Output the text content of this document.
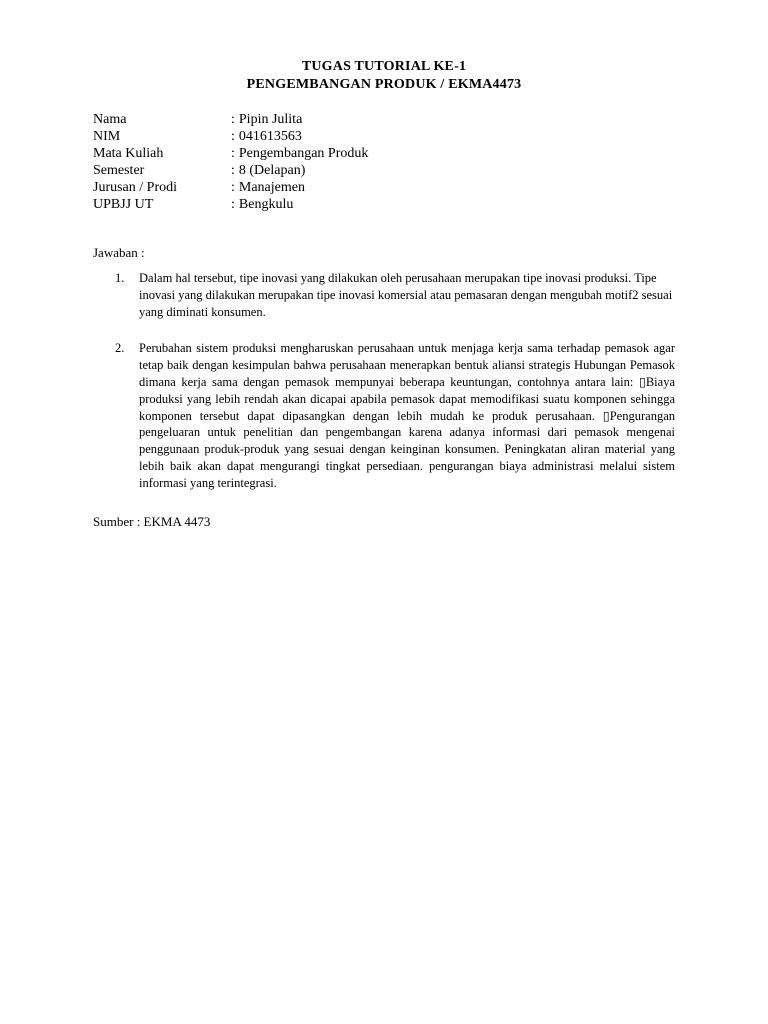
TUGAS TUTORIAL KE-1
PENGEMBANGAN PRODUK / EKMA4473
Nama	: Pipin Julita
NIM	: 041613563
Mata Kuliah	: Pengembangan Produk
Semester	: 8 (Delapan)
Jurusan / Prodi	: Manajemen
UPBJJ UT	: Bengkulu
Jawaban :
1. Dalam hal tersebut, tipe inovasi yang dilakukan oleh perusahaan merupakan tipe inovasi produksi. Tipe inovasi yang dilakukan merupakan tipe inovasi komersial atau pemasaran dengan mengubah motif2 sesuai yang diminati konsumen.
2. Perubahan sistem produksi mengharuskan perusahaan untuk menjaga kerja sama terhadap pemasok agar tetap baik dengan kesimpulan bahwa perusahaan menerapkan bentuk aliansi strategis Hubungan Pemasok dimana kerja sama dengan pemasok mempunyai beberapa keuntungan, contohnya antara lain: ▯Biaya produksi yang lebih rendah akan dicapai apabila pemasok dapat memodifikasi suatu komponen sehingga komponen tersebut dapat dipasangkan dengan lebih mudah ke produk perusahaan. ▯Pengurangan pengeluaran untuk penelitian dan pengembangan karena adanya informasi dari pemasok mengenai penggunaan produk-produk yang sesuai dengan keinginan konsumen. Peningkatan aliran material yang lebih baik akan dapat mengurangi tingkat persediaan. pengurangan biaya administrasi melalui sistem informasi yang terintegrasi.
Sumber : EKMA 4473
